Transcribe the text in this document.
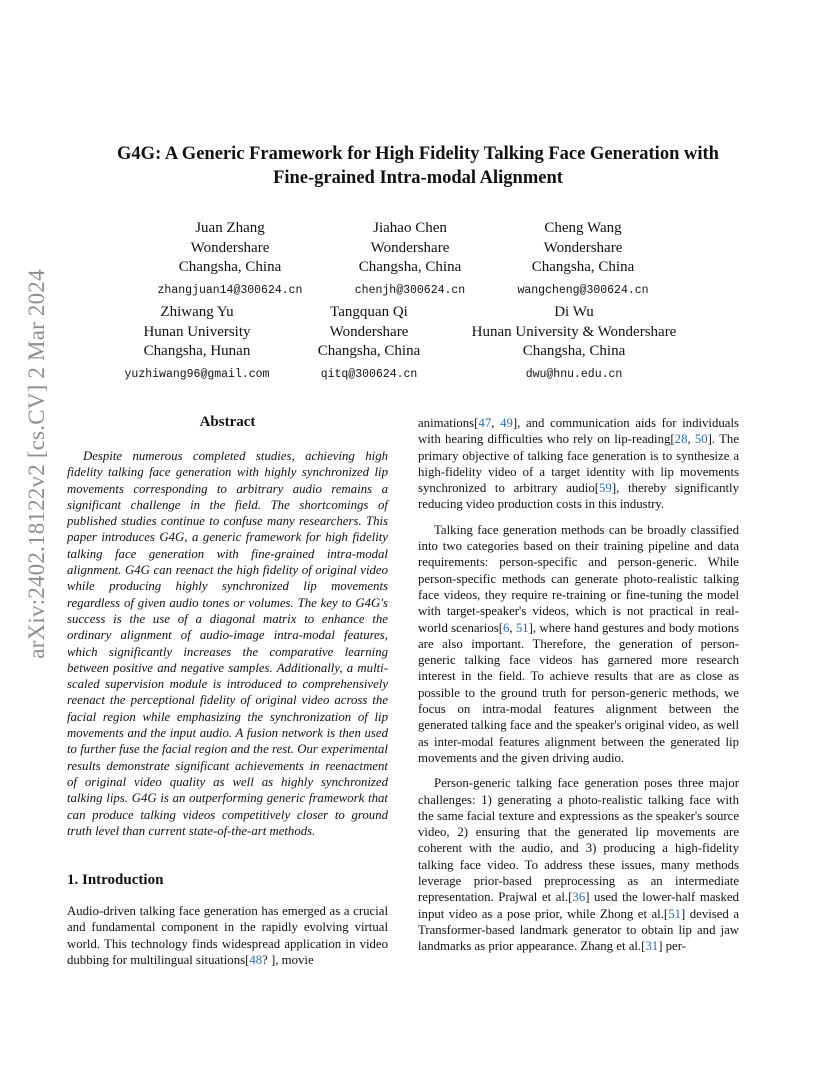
arXiv:2402.18122v2 [cs.CV] 2 Mar 2024
G4G: A Generic Framework for High Fidelity Talking Face Generation with
Fine-grained Intra-modal Alignment
Juan Zhang
Wondershare
Changsha, China
zhangjuan14@300624.cn
Jiahao Chen
Wondershare
Changsha, China
chenjh@300624.cn
Cheng Wang
Wondershare
Changsha, China
wangcheng@300624.cn
Zhiwang Yu
Hunan University
Changsha, Hunan
yuzhiwang96@gmail.com
Tangquan Qi
Wondershare
Changsha, China
qitq@300624.cn
Di Wu
Hunan University & Wondershare
Changsha, China
dwu@hnu.edu.cn
Abstract
Despite numerous completed studies, achieving high fidelity talking face generation with highly synchronized lip movements corresponding to arbitrary audio remains a significant challenge in the field. The shortcomings of published studies continue to confuse many researchers. This paper introduces G4G, a generic framework for high fidelity talking face generation with fine-grained intra-modal alignment. G4G can reenact the high fidelity of original video while producing highly synchronized lip movements regardless of given audio tones or volumes. The key to G4G's success is the use of a diagonal matrix to enhance the ordinary alignment of audio-image intra-modal features, which significantly increases the comparative learning between positive and negative samples. Additionally, a multi-scaled supervision module is introduced to comprehensively reenact the perceptional fidelity of original video across the facial region while emphasizing the synchronization of lip movements and the input audio. A fusion network is then used to further fuse the facial region and the rest. Our experimental results demonstrate significant achievements in reenactment of original video quality as well as highly synchronized talking lips. G4G is an outperforming generic framework that can produce talking videos competitively closer to ground truth level than current state-of-the-art methods.
1. Introduction
Audio-driven talking face generation has emerged as a crucial and fundamental component in the rapidly evolving virtual world. This technology finds widespread application in video dubbing for multilingual situations[48? ], movie

animations[47, 49], and communication aids for individuals with hearing difficulties who rely on lip-reading[28, 50]. The primary objective of talking face generation is to synthesize a high-fidelity video of a target identity with lip movements synchronized to arbitrary audio[59], thereby significantly reducing video production costs in this industry.

Talking face generation methods can be broadly classified into two categories based on their training pipeline and data requirements: person-specific and person-generic. While person-specific methods can generate photo-realistic talking face videos, they require re-training or fine-tuning the model with target-speaker's videos, which is not practical in real-world scenarios[6, 51], where hand gestures and body motions are also important. Therefore, the generation of person-generic talking face videos has garnered more research interest in the field. To achieve results that are as close as possible to the ground truth for person-generic methods, we focus on intra-modal features alignment between the generated talking face and the speaker's original video, as well as inter-modal features alignment between the generated lip movements and the given driving audio.

Person-generic talking face generation poses three major challenges: 1) generating a photo-realistic talking face with the same facial texture and expressions as the speaker's source video, 2) ensuring that the generated lip movements are coherent with the audio, and 3) producing a high-fidelity talking face video. To address these issues, many methods leverage prior-based preprocessing as an intermediate representation. Prajwal et al.[36] used the lower-half masked input video as a pose prior, while Zhong et al.[51] devised a Transformer-based landmark generator to obtain lip and jaw landmarks as prior appearance. Zhang et al.[31] per-
